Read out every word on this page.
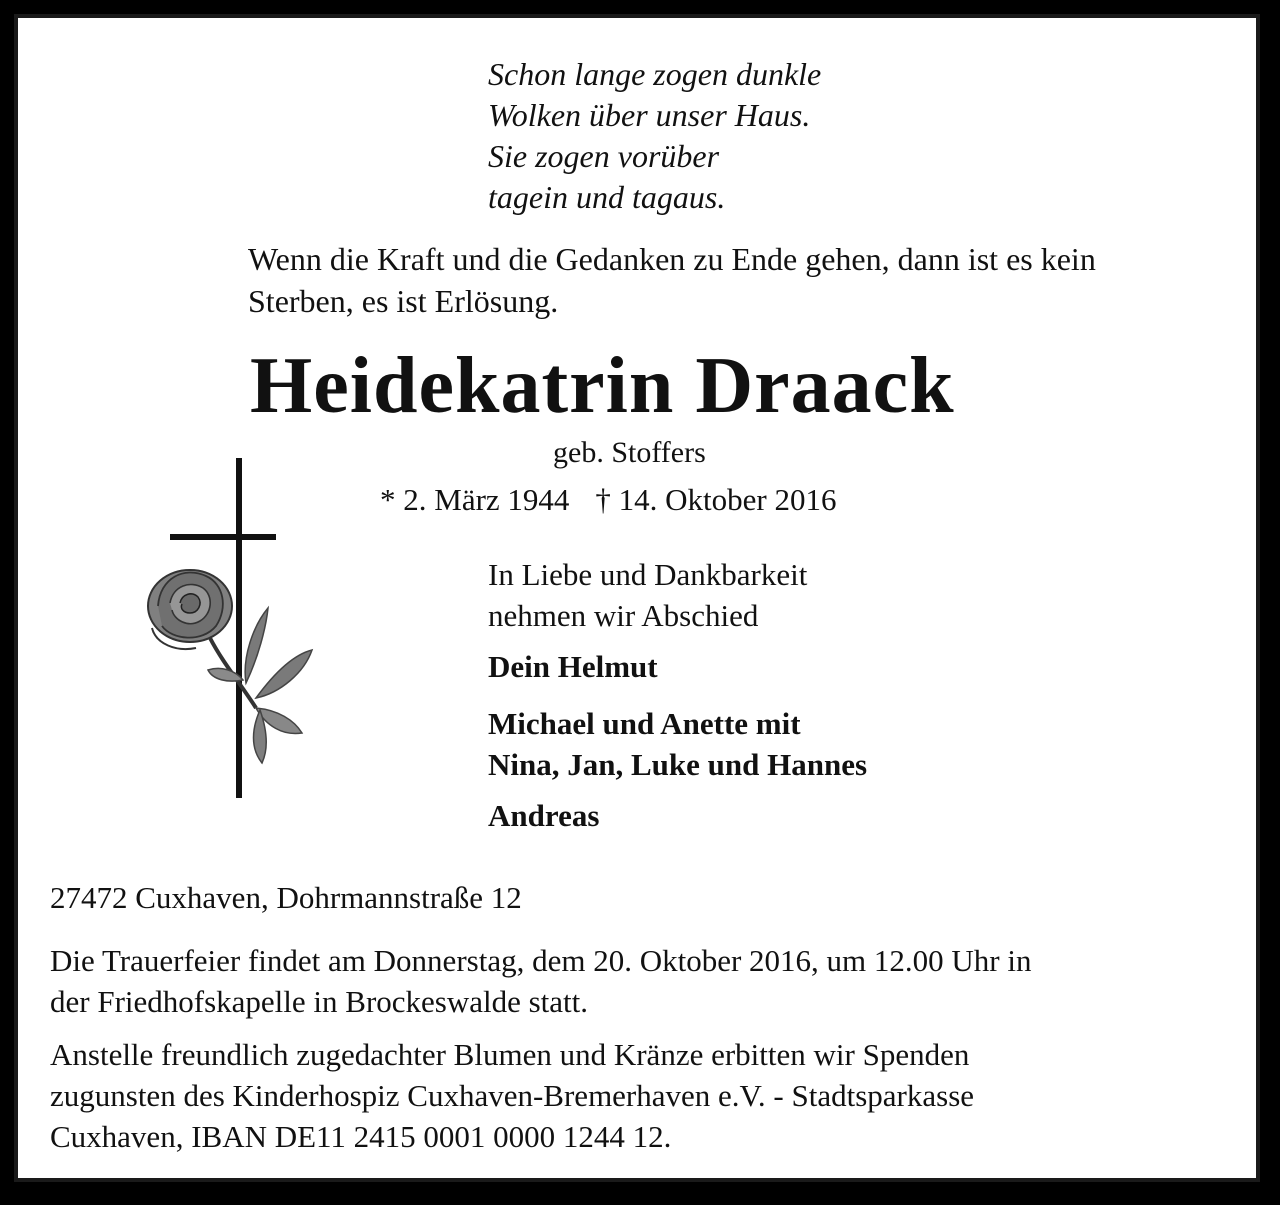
Schon lange zogen dunkle
Wolken über unser Haus.
Sie zogen vorüber
tagein und tagaus.
Wenn die Kraft und die Gedanken zu Ende gehen, dann ist es kein
Sterben, es ist Erlösung.
Heidekatrin Draack
geb. Stoffers
* 2. März 1944 † 14. Oktober 2016
In Liebe und Dankbarkeit
nehmen wir Abschied
Dein Helmut
Michael und Anette mit
Nina, Jan, Luke und Hannes
Andreas
27472 Cuxhaven, Dohrmannstraße 12
Die Trauerfeier findet am Donnerstag, dem 20. Oktober 2016, um 12.00 Uhr in
der Friedhofskapelle in Brockeswalde statt.
Anstelle freundlich zugedachter Blumen und Kränze erbitten wir Spenden
zugunsten des Kinderhospiz Cuxhaven-Bremerhaven e.V. - Stadtsparkasse
Cuxhaven, IBAN DE11 2415 0001 0000 1244 12.
